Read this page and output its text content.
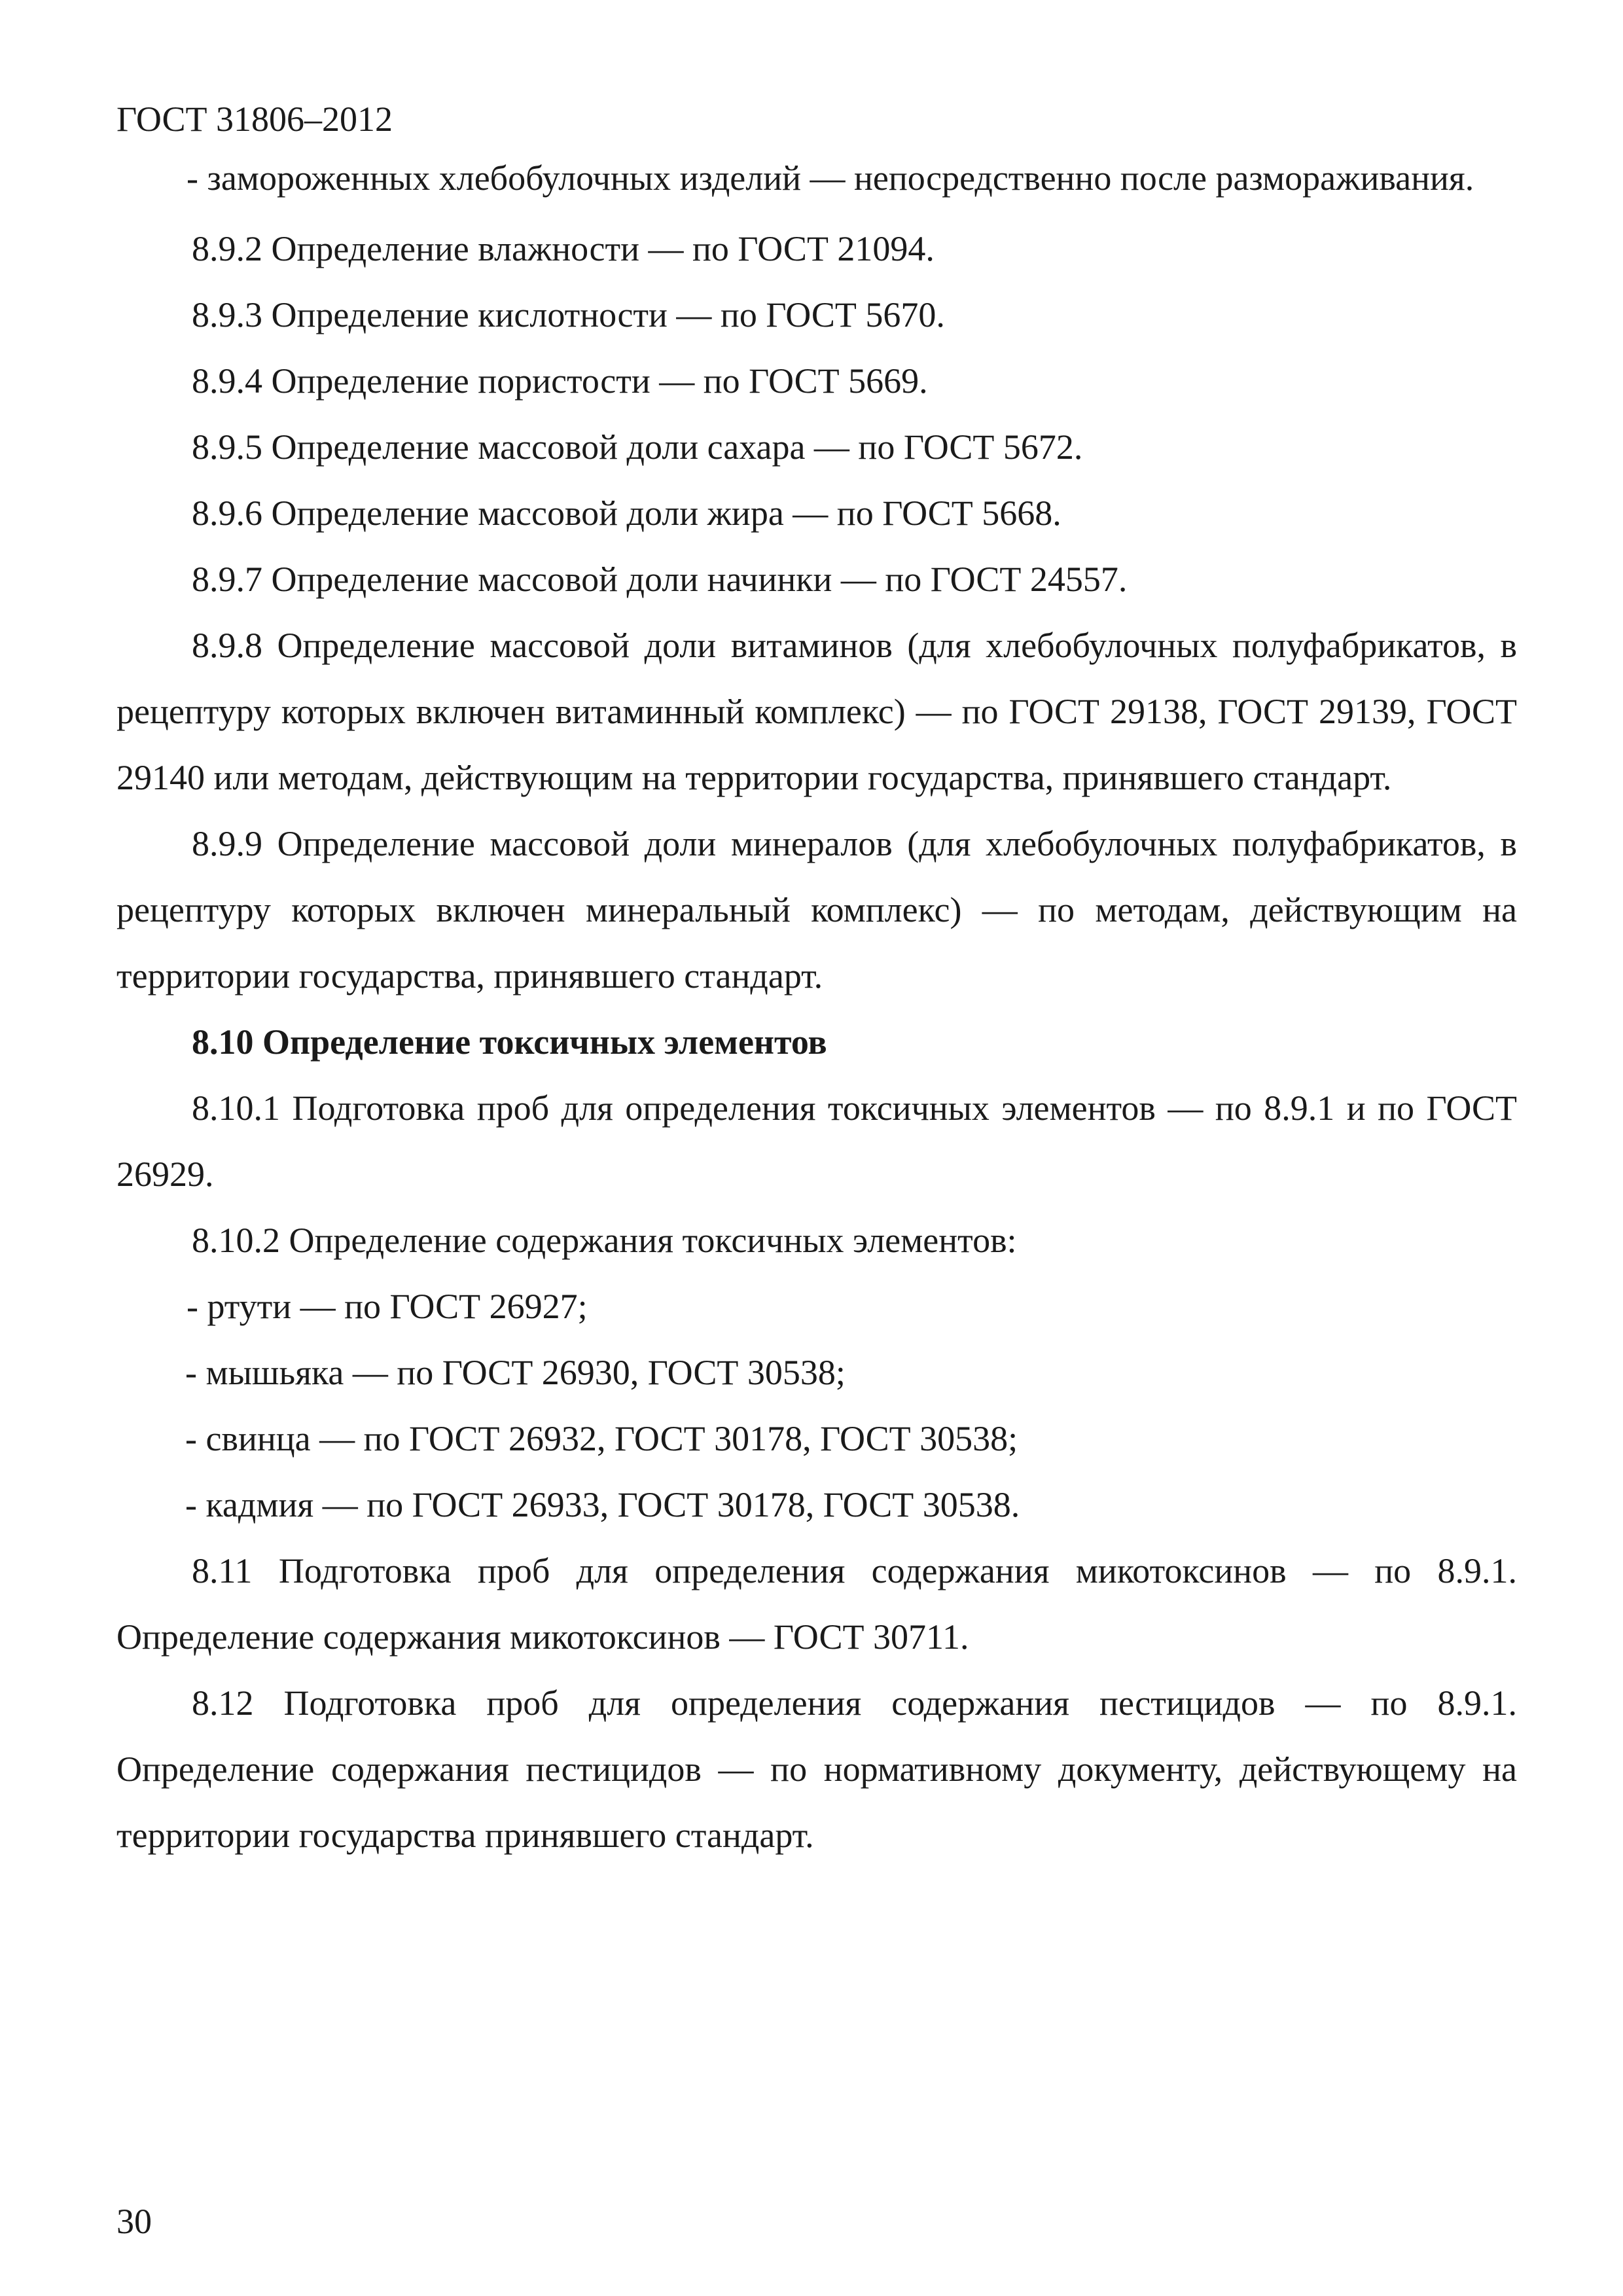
ГОСТ 31806–2012

- замороженных хлебобулочных изделий — непосредственно после размораживания.

8.9.2 Определение влажности — по ГОСТ 21094.

8.9.3 Определение кислотности — по ГОСТ 5670.

8.9.4 Определение пористости — по ГОСТ 5669.

8.9.5 Определение массовой доли сахара — по ГОСТ 5672.

8.9.6 Определение массовой доли жира — по ГОСТ 5668.

8.9.7 Определение массовой доли начинки — по ГОСТ 24557.

8.9.8 Определение массовой доли витаминов (для хлебобулочных полуфабрикатов, в рецептуру которых включен витаминный комплекс) — по ГОСТ 29138, ГОСТ 29139, ГОСТ 29140 или методам, действующим на территории государства, принявшего стандарт.

8.9.9 Определение массовой доли минералов (для хлебобулочных полуфабрикатов, в рецептуру которых включен минеральный комплекс) — по методам, действующим на территории государства, принявшего стандарт.

8.10 Определение токсичных элементов

8.10.1 Подготовка проб для определения токсичных элементов — по 8.9.1 и по ГОСТ 26929.

8.10.2 Определение содержания токсичных элементов:

- ртути — по ГОСТ 26927;

- мышьяка — по ГОСТ 26930, ГОСТ 30538;

- свинца — по ГОСТ 26932, ГОСТ 30178, ГОСТ 30538;

- кадмия — по ГОСТ 26933, ГОСТ 30178, ГОСТ 30538.

8.11 Подготовка проб для определения содержания микотоксинов — по 8.9.1. Определение содержания микотоксинов — ГОСТ 30711.

8.12 Подготовка проб для определения содержания пестицидов — по 8.9.1. Определение содержания пестицидов — по нормативному документу, действующему на территории государства принявшего стандарт.

30
